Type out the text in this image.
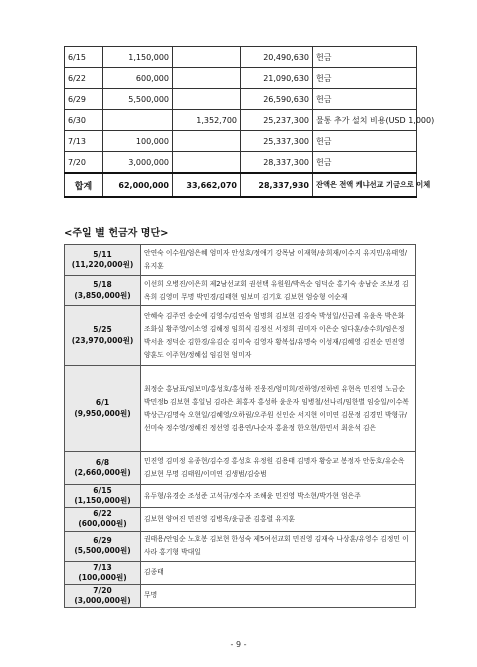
6/15	1,150,000		20,490,630	헌금
6/22	600,000		21,090,630	헌금
6/29	5,500,000		26,590,630	헌금
6/30		1,352,700	25,237,300	물통 추가 설치 비용(USD 1,000)
7/13	100,000		25,337,300	헌금
7/20	3,000,000		28,337,300	헌금
합계	62,000,000	33,662,070	28,337,930	잔액은 전액 케냐선교 기금으로 이체
<주일 별 헌금자 명단>
5/11
(11,220,000원)	안연숙 이수원/엄은혜 엄미자 안성호/정애기 강목남 이재혁/송희재/이수지 유지민/유태영/유지훈
5/18
(3,850,000원)	이선희 오병진/이은희 제2남선교회 권선택 유원원/박옥순 임덕순 홍기숙 송남순 조보경 김옥희 김영미 무명 박민경/김태현 임보미 김기호 김보현 엄승형 이순재
5/25
(23,970,000원)	안혜숙 김주연 송순예 김영수/김연숙 엄명희 김보현 김경숙 박성일/신금례 유윤옥 박은화 조화실 황주영/이소영 김해정 임희식 김정신 서정희 권미자 이은순 임다훈/송수희/임은정 박서윤 정덕순 김한경/유김순 김미숙 김영자 황복섭/유명숙 이성재/김혜영 김진순 민진영 양훈도 이주현/정혜섭 임김현 엄미자
6/1
(9,950,000원)	최정순 홍남표/임보미/홍성호/홍성하 진웅진/엄미희/진하영/진하빈 유현옥 민진영 노금순 박민정b 김보현 홍일님 김라은 최홍자 홍성하 윤운자 임병철/선나리/임한별 임승일/이수복 박상근/김명숙 오현일/김혜영/오하림/오주원 신인순 서지현 이미연 김문정 김경민 박형규/선미숙 정수영/정혜진 정선영 김용연/나순자 홍윤정 한오현/한민서 최운석 김은
6/8
(2,660,000원)	민진영 김미정 유종현/김수경 홍성호 유정원 김용태 김명자 황승교 봉정자 안동호/유순옥 김보현 무명 김태원/이미연 김생범/김승범
6/15
(1,150,000원)	유두형/유경순 조성준 고석규/정수자 조해윤 민진영 박소현/박가현 엄은주
6/22
(600,000원)	김보현 양여진 민진영 김병욱/윤금준 김홍렬 유지훈
6/29
(5,500,000원)	권태용/안임순 노호봉 김보현 한성숙 제5여선교회 민진영 김재숙 나상훈/유영수 김정민 이사라 홍기형 박대일
7/13
(100,000원)	김종태
7/20
(3,000,000원)	무명
- 9 -
